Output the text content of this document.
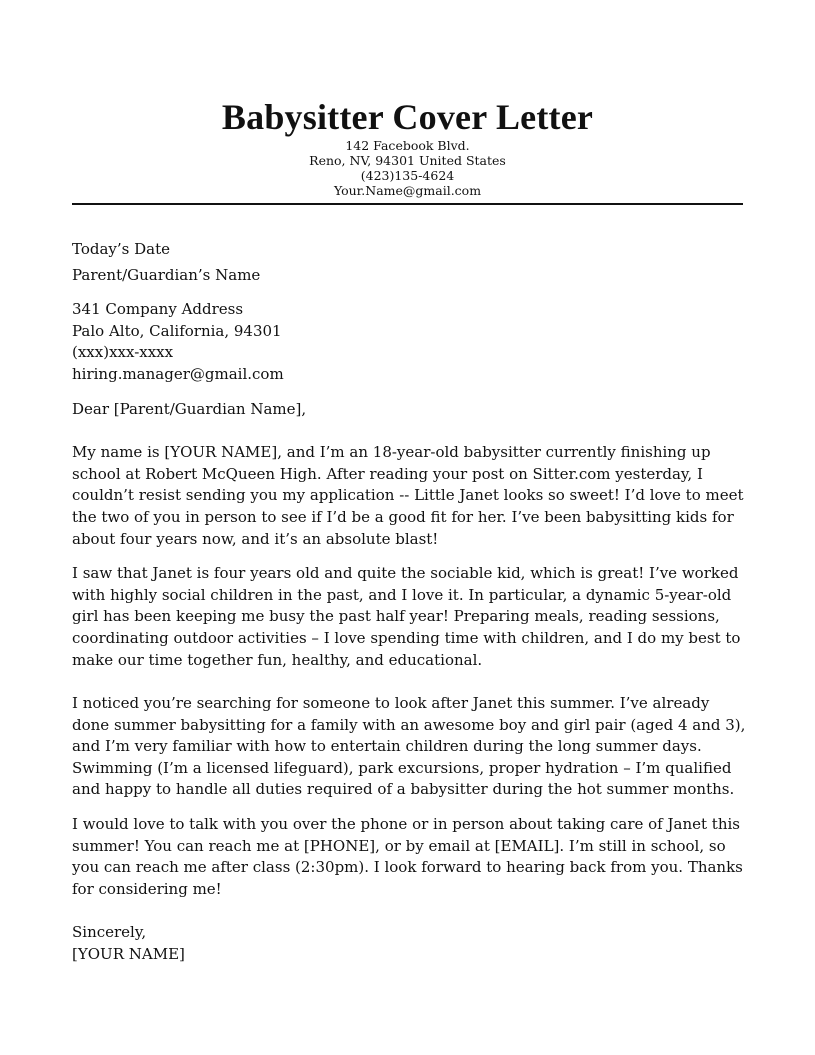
Babysitter Cover Letter
142 Facebook Blvd.
Reno, NV, 94301 United States
(423)135-4624
Your.Name@gmail.com
Today’s Date
Parent/Guardian’s Name
341 Company Address
Palo Alto, California, 94301
(xxx)xxx-xxxx
hiring.manager@gmail.com
Dear [Parent/Guardian Name],
My name is [YOUR NAME], and I’m an 18-year-old babysitter currently finishing up
school at Robert McQueen High. After reading your post on Sitter.com yesterday, I
couldn’t resist sending you my application -- Little Janet looks so sweet! I’d love to meet
the two of you in person to see if I’d be a good fit for her. I’ve been babysitting kids for
about four years now, and it’s an absolute blast!
I saw that Janet is four years old and quite the sociable kid, which is great! I’ve worked
with highly social children in the past, and I love it. In particular, a dynamic 5-year-old
girl has been keeping me busy the past half year! Preparing meals, reading sessions,
coordinating outdoor activities – I love spending time with children, and I do my best to
make our time together fun, healthy, and educational.
I noticed you’re searching for someone to look after Janet this summer. I’ve already
done summer babysitting for a family with an awesome boy and girl pair (aged 4 and 3),
and I’m very familiar with how to entertain children during the long summer days.
Swimming (I’m a licensed lifeguard), park excursions, proper hydration – I’m qualified
and happy to handle all duties required of a babysitter during the hot summer months.
I would love to talk with you over the phone or in person about taking care of Janet this
summer! You can reach me at [PHONE], or by email at [EMAIL]. I’m still in school, so
you can reach me after class (2:30pm). I look forward to hearing back from you. Thanks
for considering me!
Sincerely,
[YOUR NAME]
